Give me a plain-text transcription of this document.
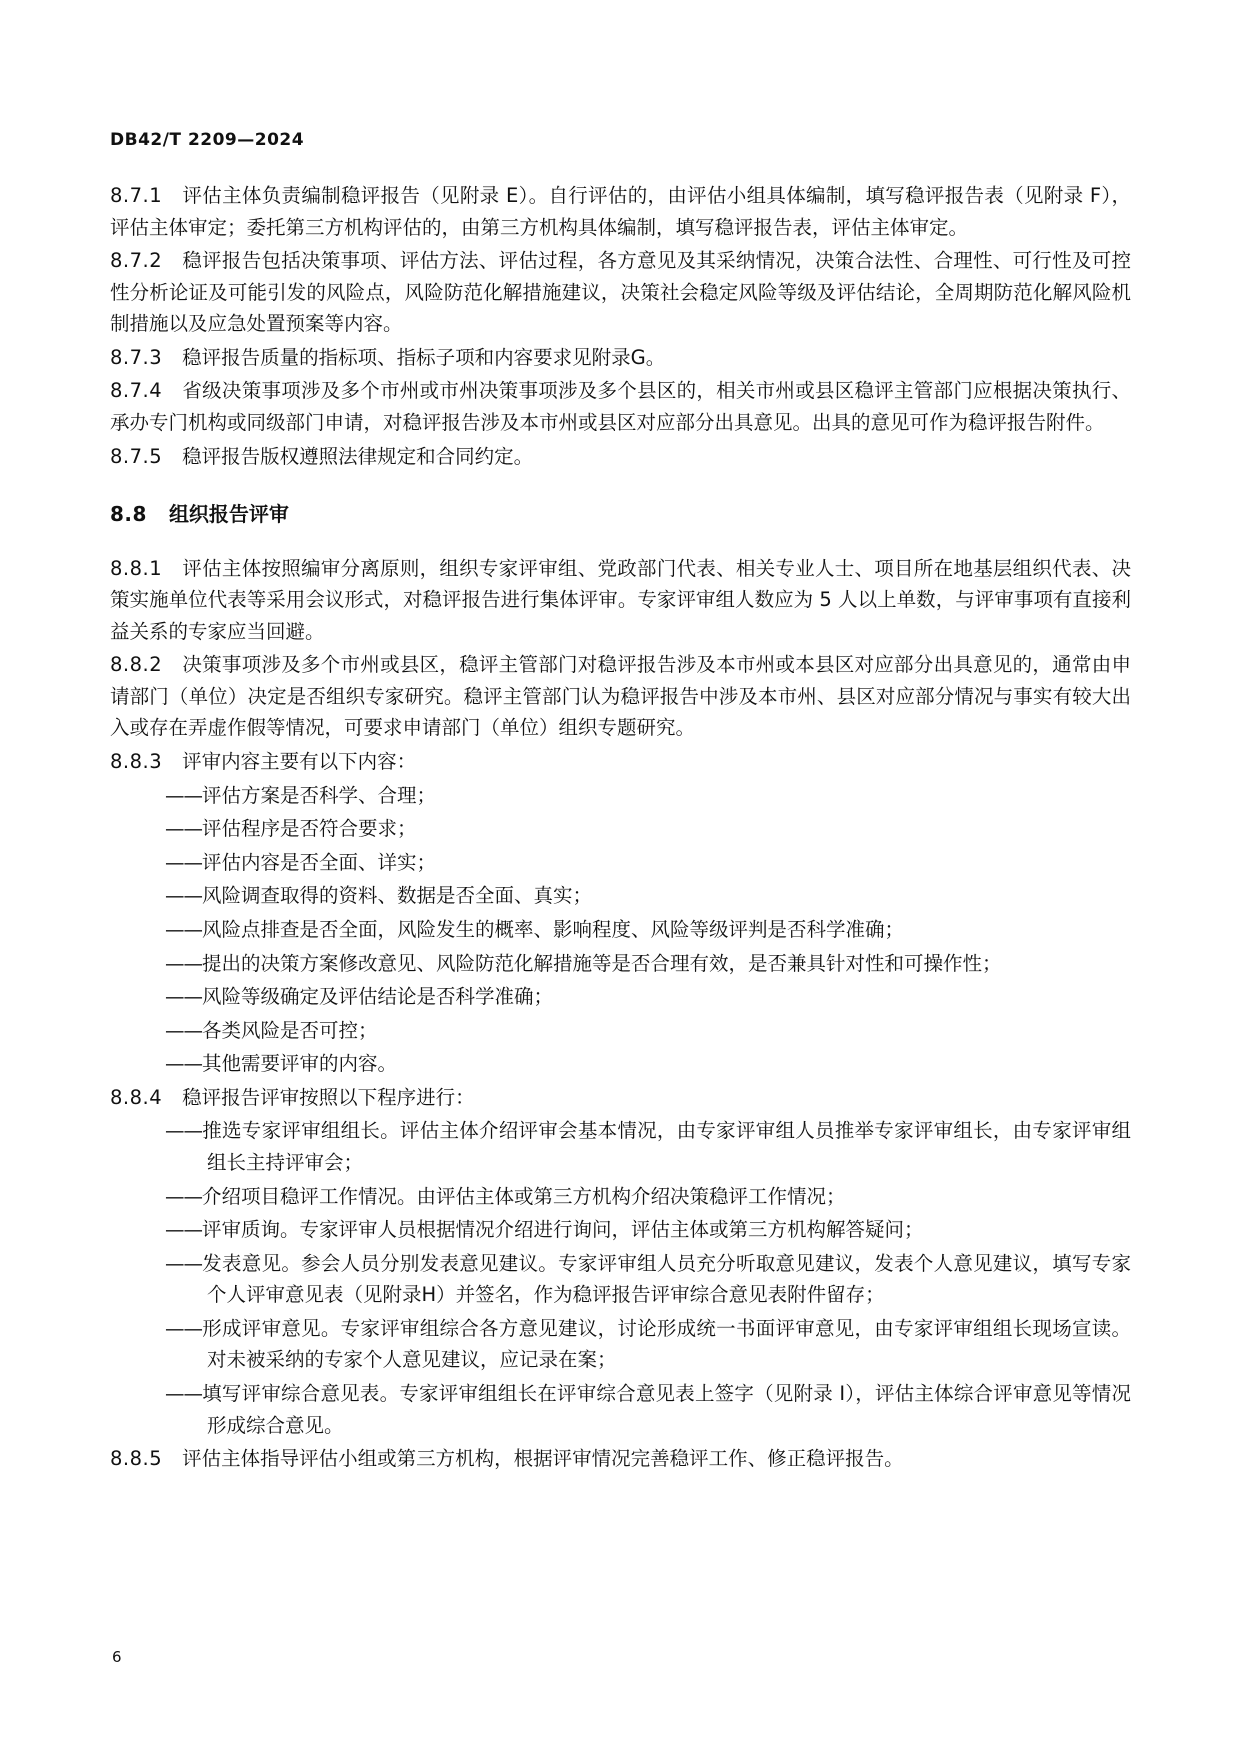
DB42/T 2209—2024

8.7.1 评估主体负责编制稳评报告（见附录 E）。自行评估的，由评估小组具体编制，填写稳评报告表（见附录 F），评估主体审定；委托第三方机构评估的，由第三方机构具体编制，填写稳评报告表，评估主体审定。

8.7.2 稳评报告包括决策事项、评估方法、评估过程，各方意见及其采纳情况，决策合法性、合理性、可行性及可控性分析论证及可能引发的风险点，风险防范化解措施建议，决策社会稳定风险等级及评估结论，全周期防范化解风险机制措施以及应急处置预案等内容。

8.7.3 稳评报告质量的指标项、指标子项和内容要求见附录G。

8.7.4 省级决策事项涉及多个市州或市州决策事项涉及多个县区的，相关市州或县区稳评主管部门应根据决策执行、承办专门机构或同级部门申请，对稳评报告涉及本市州或县区对应部分出具意见。出具的意见可作为稳评报告附件。

8.7.5 稳评报告版权遵照法律规定和合同约定。

8.8 组织报告评审

8.8.1 评估主体按照编审分离原则，组织专家评审组、党政部门代表、相关专业人士、项目所在地基层组织代表、决策实施单位代表等采用会议形式，对稳评报告进行集体评审。专家评审组人数应为 5 人以上单数，与评审事项有直接利益关系的专家应当回避。

8.8.2 决策事项涉及多个市州或县区，稳评主管部门对稳评报告涉及本市州或本县区对应部分出具意见的，通常由申请部门（单位）决定是否组织专家研究。稳评主管部门认为稳评报告中涉及本市州、县区对应部分情况与事实有较大出入或存在弄虚作假等情况，可要求申请部门（单位）组织专题研究。

8.8.3 评审内容主要有以下内容：

——评估方案是否科学、合理；

——评估程序是否符合要求；

——评估内容是否全面、详实；

——风险调查取得的资料、数据是否全面、真实；

——风险点排查是否全面，风险发生的概率、影响程度、风险等级评判是否科学准确；

——提出的决策方案修改意见、风险防范化解措施等是否合理有效，是否兼具针对性和可操作性；

——风险等级确定及评估结论是否科学准确；

——各类风险是否可控；

——其他需要评审的内容。

8.8.4 稳评报告评审按照以下程序进行：

——推选专家评审组组长。评估主体介绍评审会基本情况，由专家评审组人员推举专家评审组长，由专家评审组组长主持评审会；

——介绍项目稳评工作情况。由评估主体或第三方机构介绍决策稳评工作情况；

——评审质询。专家评审人员根据情况介绍进行询问，评估主体或第三方机构解答疑问；

——发表意见。参会人员分别发表意见建议。专家评审组人员充分听取意见建议，发表个人意见建议，填写专家个人评审意见表（见附录H）并签名，作为稳评报告评审综合意见表附件留存；

——形成评审意见。专家评审组综合各方意见建议，讨论形成统一书面评审意见，由专家评审组组长现场宣读。对未被采纳的专家个人意见建议，应记录在案；

——填写评审综合意见表。专家评审组组长在评审综合意见表上签字（见附录 I），评估主体综合评审意见等情况形成综合意见。

8.8.5 评估主体指导评估小组或第三方机构，根据评审情况完善稳评工作、修正稳评报告。

6
